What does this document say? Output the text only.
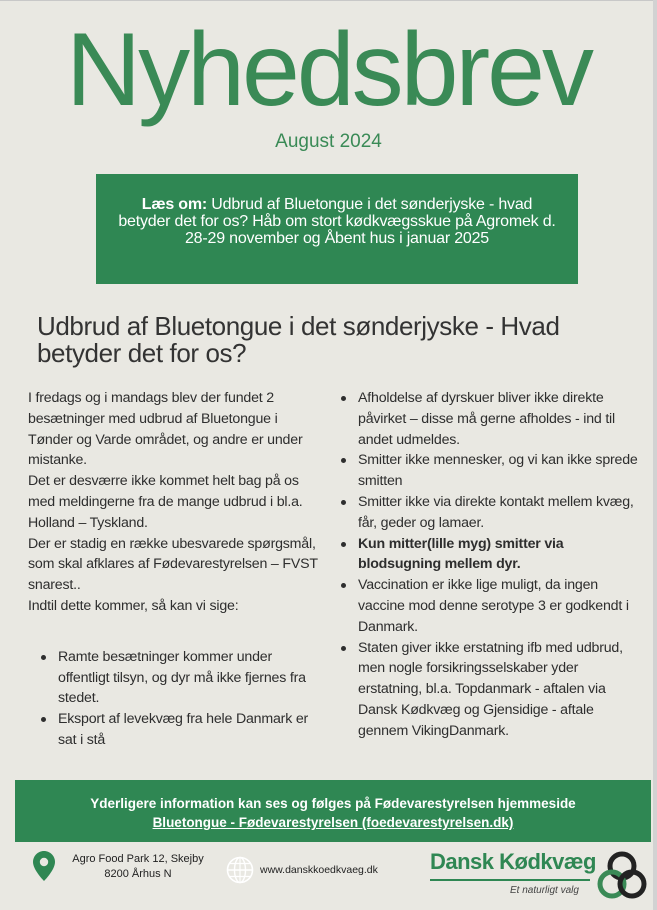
Nyhedsbrev
August 2024
Læs om: Udbrud af Bluetongue i det sønderjyske - hvad betyder det for os? Håb om stort kødkvægsskue på Agromek d. 28-29 november og Åbent hus i januar 2025
Udbrud af Bluetongue i det sønderjyske - Hvad betyder det for os?

I fredags og i mandags blev der fundet 2 besætninger med udbrud af Bluetongue i Tønder og Varde området, og andre er under mistanke.

Det er desværre ikke kommet helt bag på os med meldingerne fra de mange udbrud i bl.a. Holland – Tyskland.

Der er stadig en række ubesvarede spørgsmål, som skal afklares af Fødevarestyrelsen – FVST snarest..

Indtil dette kommer, så kan vi sige:

Ramte besætninger kommer under offentligt tilsyn, og dyr må ikke fjernes fra stedet.
Eksport af levekvæg fra hele Danmark er sat i stå
Afholdelse af dyrskuer bliver ikke direkte påvirket – disse må gerne afholdes - ind til andet udmeldes.
Smitter ikke mennesker, og vi kan ikke sprede smitten
Smitter ikke via direkte kontakt mellem kvæg, får, geder og lamaer.
Kun mitter(lille myg) smitter via blodsugning mellem dyr.
Vaccination er ikke lige muligt, da ingen vaccine mod denne serotype 3 er godkendt i Danmark.
Staten giver ikke erstatning ifb med udbrud, men nogle forsikringsselskaber yder erstatning, bl.a. Topdanmark - aftalen via Dansk Kødkvæg og Gjensidige - aftale gennem VikingDanmark.
Yderligere information kan ses og følges på Fødevarestyrelsen hjemmeside
Bluetongue - Fødevarestyrelsen (foedevarestyrelsen.dk)
Agro Food Park 12, Skejby
8200 Århus N	www.danskkoedkvaeg.dk Dansk Kødkvæg
Et naturligt valg
